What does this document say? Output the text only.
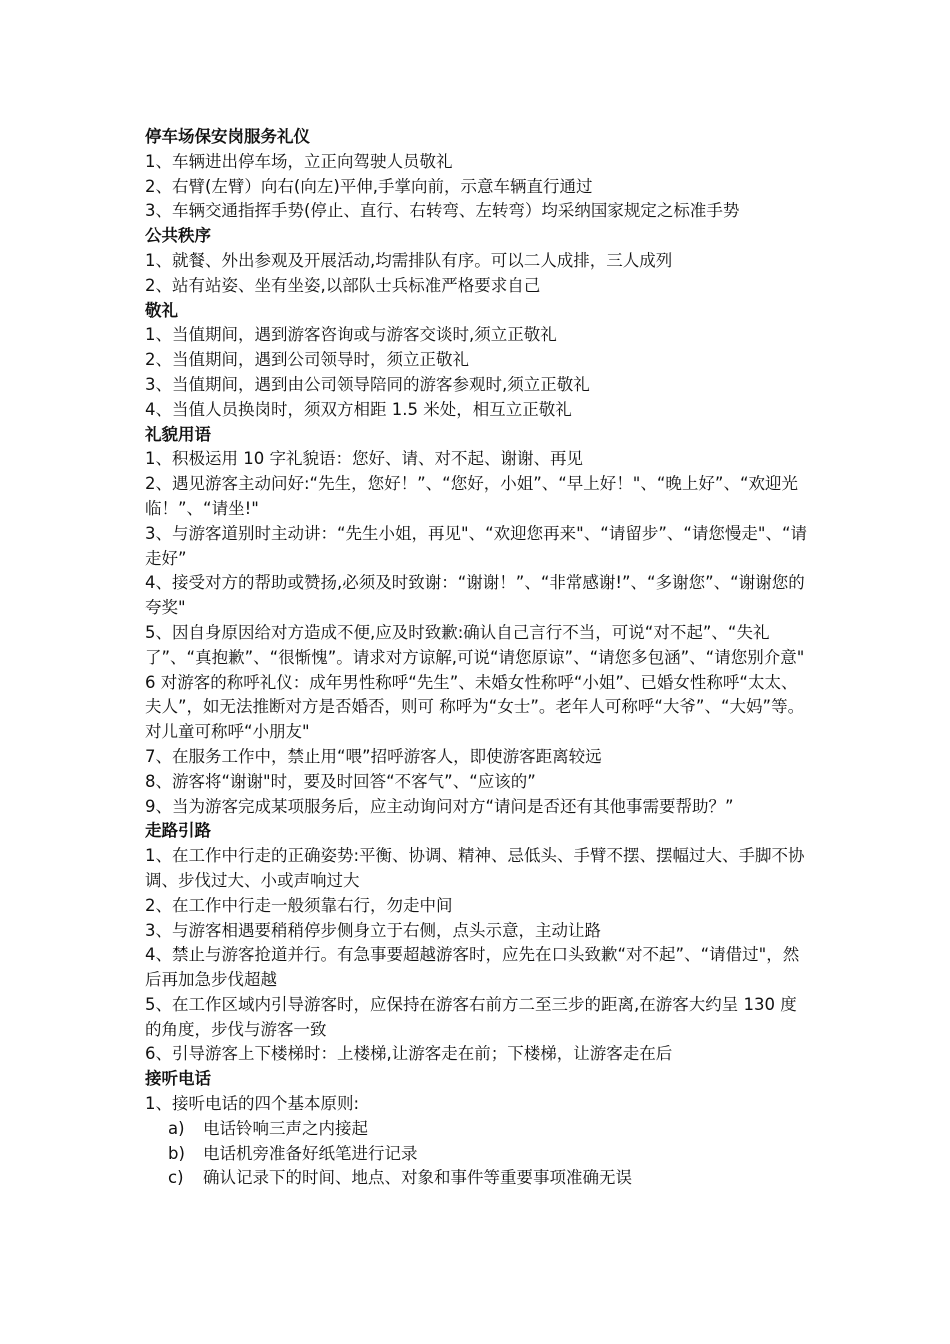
停车场保安岗服务礼仪

1、车辆进出停车场，立正向驾驶人员敬礼

2、右臂(左臂）向右(向左)平伸,手掌向前，示意车辆直行通过

3、车辆交通指挥手势(停止、直行、右转弯、左转弯）均采纳国家规定之标准手势

公共秩序

1、就餐、外出参观及开展活动,均需排队有序。可以二人成排，三人成列

2、站有站姿、坐有坐姿,以部队士兵标准严格要求自己

敬礼

1、当值期间，遇到游客咨询或与游客交谈时,须立正敬礼

2、当值期间，遇到公司领导时，须立正敬礼

3、当值期间，遇到由公司领导陪同的游客参观时,须立正敬礼

4、当值人员换岗时，须双方相距 1.5 米处，相互立正敬礼

礼貌用语

1、积极运用 10 字礼貌语：您好、请、对不起、谢谢、再见

2、遇见游客主动问好:“先生，您好！”、“您好，小姐”、“早上好！"、“晚上好”、“欢迎光临！”、“请坐!"

3、与游客道别时主动讲：“先生小姐，再见"、“欢迎您再来"、“请留步”、“请您慢走"、“请走好”

4、接受对方的帮助或赞扬,必须及时致谢：“谢谢！”、“非常感谢!”、“多谢您”、“谢谢您的夸奖"

5、因自身原因给对方造成不便,应及时致歉:确认自己言行不当，可说“对不起”、“失礼了”、“真抱歉”、“很惭愧”。请求对方谅解,可说“请您原谅”、“请您多包涵”、“请您别介意"

6 对游客的称呼礼仪：成年男性称呼“先生”、未婚女性称呼“小姐”、已婚女性称呼“太太、夫人”，如无法推断对方是否婚否，则可 称呼为“女士”。老年人可称呼“大爷”、“大妈”等。对儿童可称呼“小朋友"

7、在服务工作中，禁止用“喂”招呼游客人，即使游客距离较远

8、游客将“谢谢"时，要及时回答“不客气”、“应该的”

9、当为游客完成某项服务后，应主动询问对方“请问是否还有其他事需要帮助？”

走路引路

1、在工作中行走的正确姿势:平衡、协调、精神、忌低头、手臂不摆、摆幅过大、手脚不协调、步伐过大、小或声响过大

2、在工作中行走一般须靠右行，勿走中间

3、与游客相遇要稍稍停步侧身立于右侧，点头示意，主动让路

4、禁止与游客抢道并行。有急事要超越游客时，应先在口头致歉“对不起”、“请借过"，然后再加急步伐超越

5、在工作区域内引导游客时，应保持在游客右前方二至三步的距离,在游客大约呈 130 度的角度，步伐与游客一致

6、引导游客上下楼梯时：上楼梯,让游客走在前；下楼梯，让游客走在后

接听电话

1、接听电话的四个基本原则:

a)	电话铃响三声之内接起

b)	电话机旁准备好纸笔进行记录

c)	确认记录下的时间、地点、对象和事件等重要事项准确无误
